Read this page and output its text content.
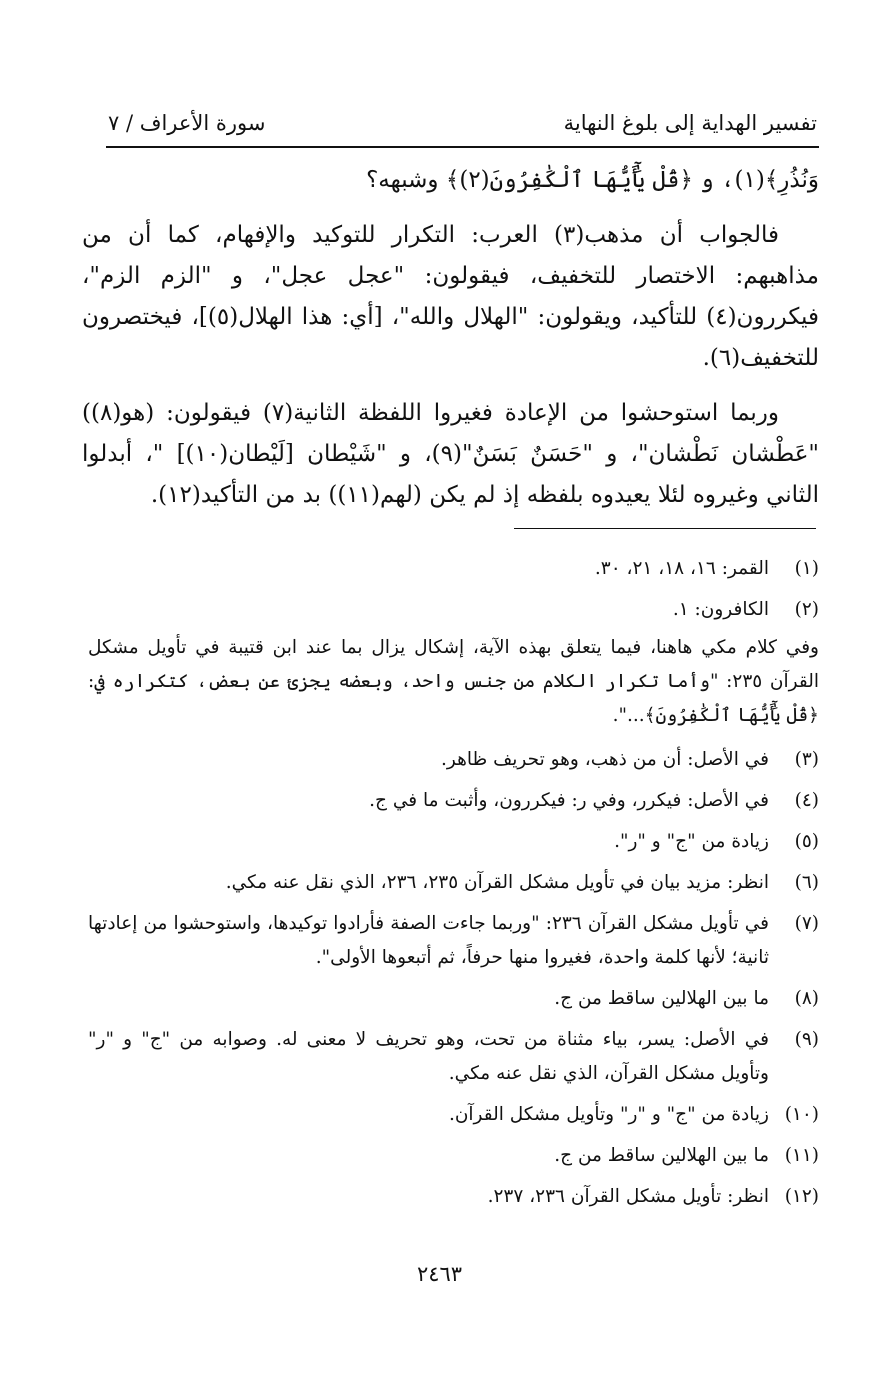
تفسير الهداية إلى بلوغ النهاية
سورة الأعراف / ٧

وَنُذُرِ﴾(١)، و ﴿قُلْ يَٰٓأَيُّهَا ٱلْكَٰفِرُونَ(٢)﴾ وشبهه؟

فالجواب أن مذهب(٣) العرب: التكرار للتوكيد والإفهام، كما أن من مذاهبهم: الاختصار للتخفيف، فيقولون: "عجل عجل"، و "الزم الزم"، فيكررون(٤) للتأكيد، ويقولون: "الهلال والله"، [أي: هذا الهلال(٥)]، فيختصرون للتخفيف(٦).

وربما استوحشوا من الإعادة فغيروا اللفظة الثانية(٧) فيقولون: (هو(٨)) "عَطْشان نَطْشان"، و "حَسَنٌ بَسَنٌ"(٩)، و "شَيْطان [لَيْطان(١٠)] "، أبدلوا الثاني وغيروه لئلا يعيدوه بلفظه إذ لم يكن (لهم(١١)) بد من التأكيد(١٢).

(١)
القمر: ١٦، ١٨، ٢١، ٣٠.
(٢)
الكافرون: ١.
وفي كلام مكي هاهنا، فيما يتعلق بهذه الآية، إشكال يزال بما عند ابن قتيبة في تأويل مشكل القرآن ٢٣٥: "وأما تكرار الكلام من جنس واحد، وبعضه يجزئ عن بعض، كتكراره في: ﴿قُلْ يَٰٓأَيُّهَا ٱلْكَٰفِرُونَ﴾...".
(٣)
في الأصل: أن من ذهب، وهو تحريف ظاهر.
(٤)
في الأصل: فيكرر، وفي ر: فيكررون، وأثبت ما في ج.
(٥)
زيادة من "ج" و "ر".
(٦)
انظر: مزيد بيان في تأويل مشكل القرآن ٢٣٥، ٢٣٦، الذي نقل عنه مكي.
(٧)
في تأويل مشكل القرآن ٢٣٦: "وربما جاءت الصفة فأرادوا توكيدها، واستوحشوا من إعادتها ثانية؛ لأنها كلمة واحدة، فغيروا منها حرفاً، ثم أتبعوها الأولى".
(٨)
ما بين الهلالين ساقط من ج.
(٩)
في الأصل: يسر، بياء مثناة من تحت، وهو تحريف لا معنى له. وصوابه من "ج" و "ر" وتأويل مشكل القرآن، الذي نقل عنه مكي.
(١٠)
زيادة من "ج" و "ر" وتأويل مشكل القرآن.
(١١)
ما بين الهلالين ساقط من ج.
(١٢)
انظر: تأويل مشكل القرآن ٢٣٦، ٢٣٧.
٢٤٦٣
